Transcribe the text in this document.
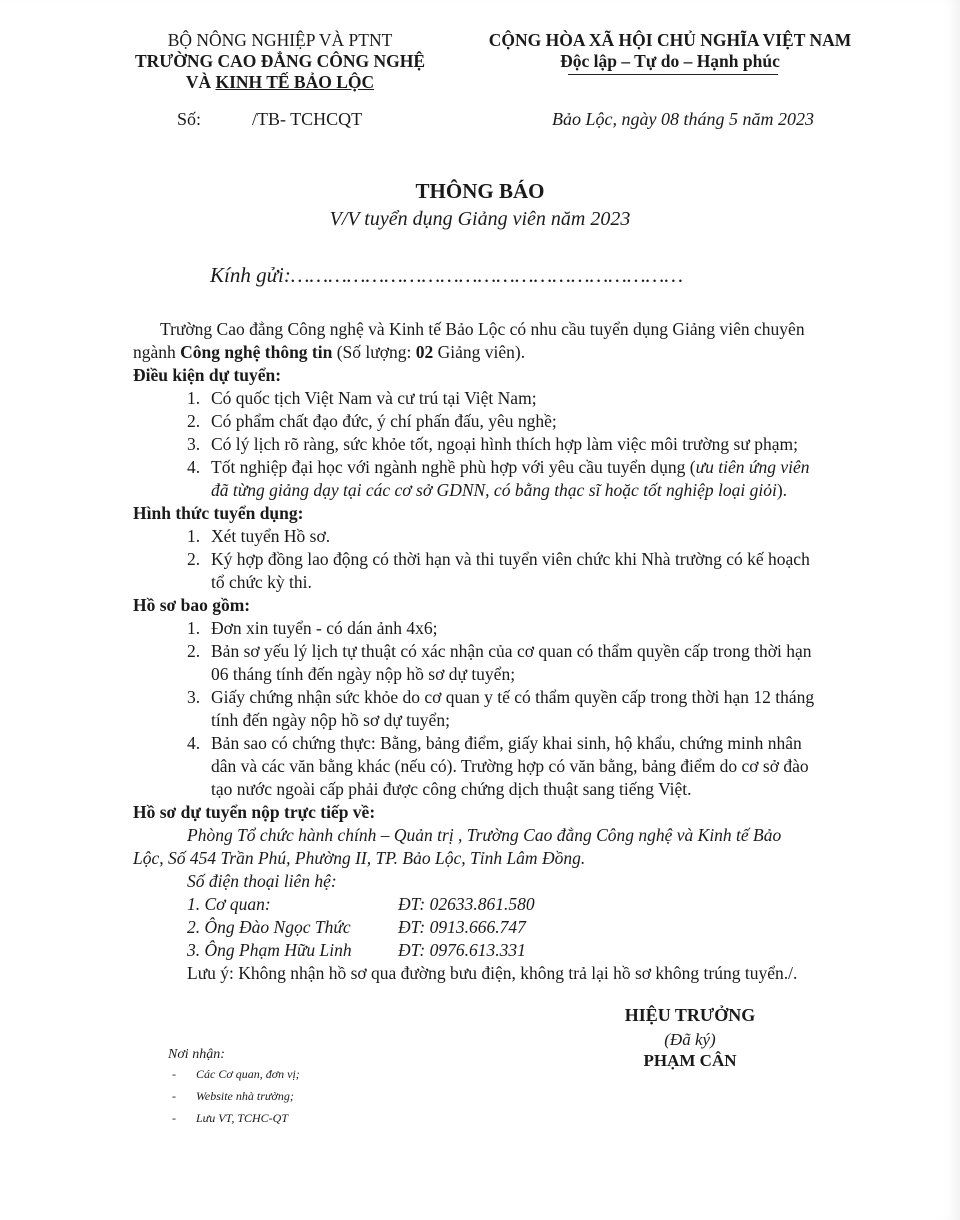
BỘ NÔNG NGHIỆP VÀ PTNT
TRƯỜNG CAO ĐẲNG CÔNG NGHỆ
VÀ KINH TẾ BẢO LỘC
CỘNG HÒA XÃ HỘI CHỦ NGHĨA VIỆT NAM
Độc lập – Tự do – Hạnh phúc
Số:	/TB- TCHCQT	Bảo Lộc, ngày 08 tháng 5 năm 2023
THÔNG BÁO
V/V tuyển dụng Giảng viên năm 2023
Kính gửi:………………………………………………………
Trường Cao đẳng Công nghệ và Kinh tế Bảo Lộc có nhu cầu tuyển dụng Giảng viên chuyên
ngành Công nghệ thông tin (Số lượng: 02 Giảng viên).
Điều kiện dự tuyển:
1. Có quốc tịch Việt Nam và cư trú tại Việt Nam;
2. Có phẩm chất đạo đức, ý chí phấn đấu, yêu nghề;
3. Có lý lịch rõ ràng, sức khỏe tốt, ngoại hình thích hợp làm việc môi trường sư phạm;
4. Tốt nghiệp đại học với ngành nghề phù hợp với yêu cầu tuyển dụng (ưu tiên ứng viên
đã từng giảng dạy tại các cơ sở GDNN, có bằng thạc sĩ hoặc tốt nghiệp loại giỏi).
Hình thức tuyển dụng:
1. Xét tuyển Hồ sơ.
2. Ký hợp đồng lao động có thời hạn và thi tuyển viên chức khi Nhà trường có kế hoạch
tổ chức kỳ thi.
Hồ sơ bao gồm:
1. Đơn xin tuyển - có dán ảnh 4x6;
2. Bản sơ yếu lý lịch tự thuật có xác nhận của cơ quan có thẩm quyền cấp trong thời hạn
06 tháng tính đến ngày nộp hồ sơ dự tuyển;
3. Giấy chứng nhận sức khỏe do cơ quan y tế có thẩm quyền cấp trong thời hạn 12 tháng
tính đến ngày nộp hồ sơ dự tuyển;
4. Bản sao có chứng thực: Bằng, bảng điểm, giấy khai sinh, hộ khẩu, chứng minh nhân
dân và các văn bằng khác (nếu có). Trường hợp có văn bằng, bảng điểm do cơ sở đào
tạo nước ngoài cấp phải được công chứng dịch thuật sang tiếng Việt.
Hồ sơ dự tuyển nộp trực tiếp về:
Phòng Tổ chức hành chính – Quản trị , Trường Cao đẳng Công nghệ và Kinh tế Bảo
Lộc, Số 454 Trần Phú, Phường II, TP. Bảo Lộc, Tỉnh Lâm Đồng.
Số điện thoại liên hệ:
1. Cơ quan:	ĐT: 02633.861.580
2. Ông Đào Ngọc Thức	ĐT: 0913.666.747
3. Ông Phạm Hữu Linh	ĐT: 0976.613.331
Lưu ý: Không nhận hồ sơ qua đường bưu điện, không trả lại hồ sơ không trúng tuyển./.
HIỆU TRƯỞNG
(Đã ký)
PHẠM CÂN
Nơi nhận:
- Các Cơ quan, đơn vị;
- Website nhà trường;
- Lưu VT, TCHC-QT
